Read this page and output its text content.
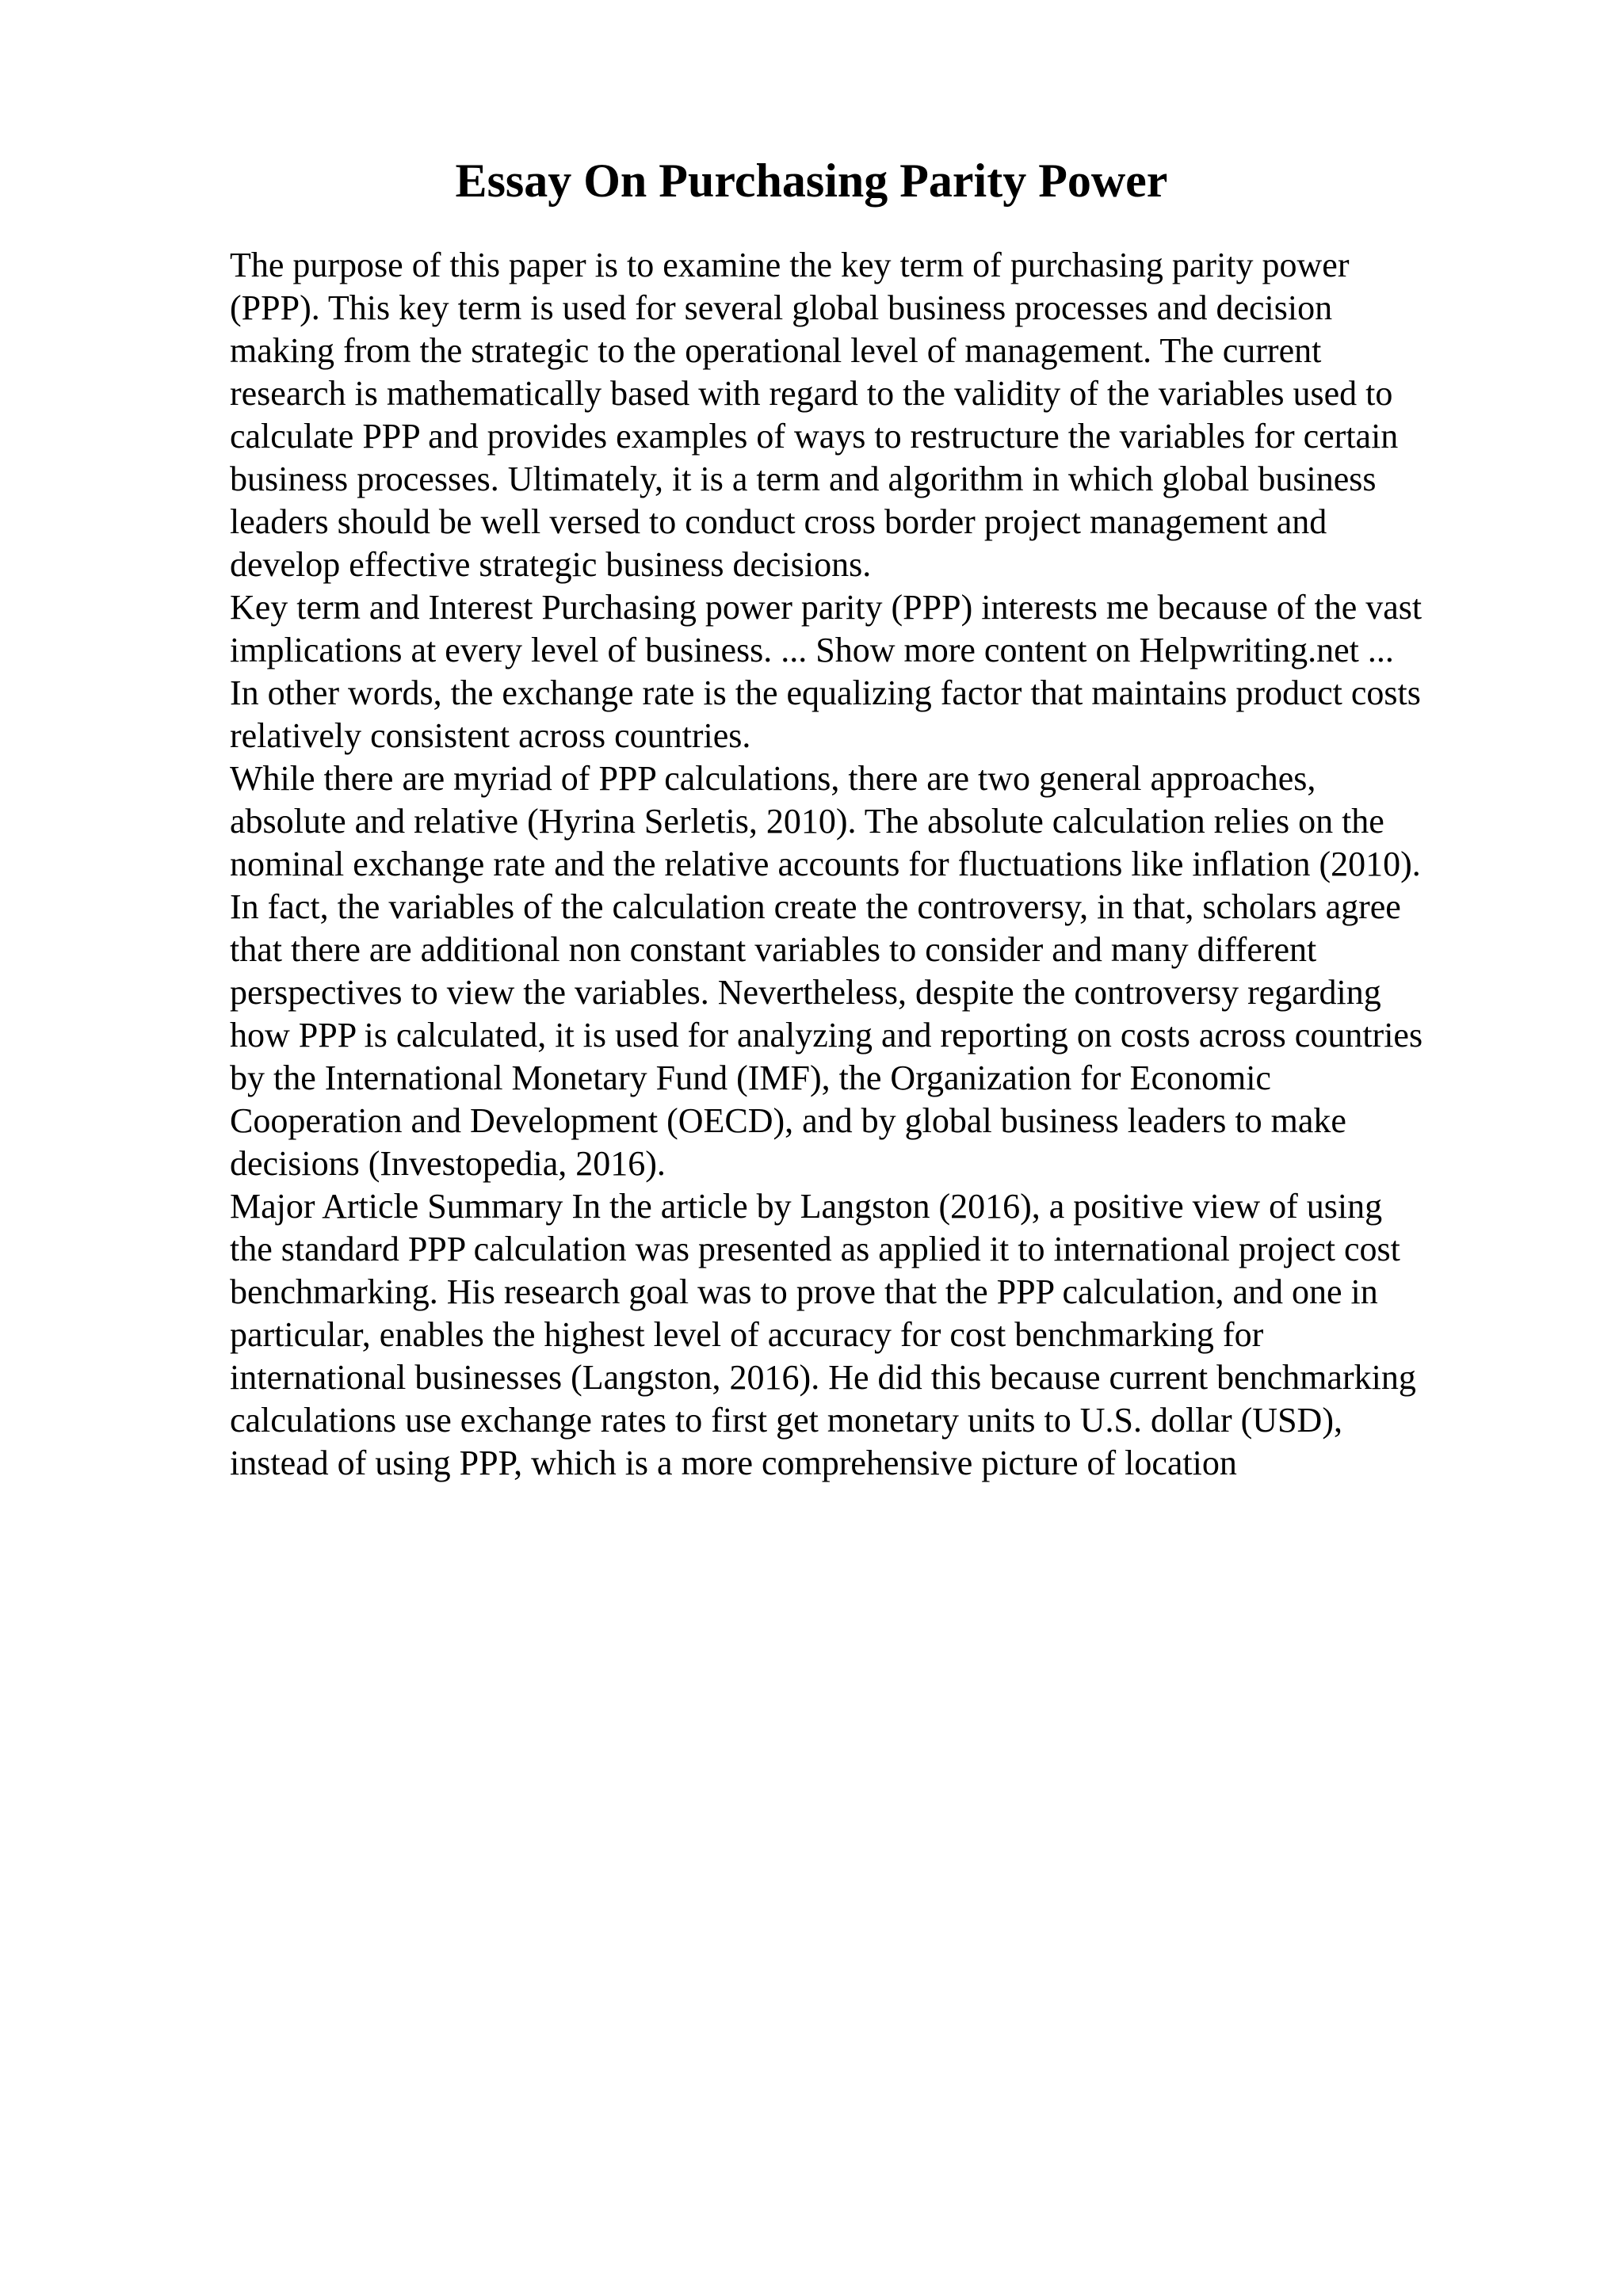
Essay On Purchasing Parity Power

The purpose of this paper is to examine the key term of purchasing parity power
(PPP). This key term is used for several global business processes and decision
making from the strategic to the operational level of management. The current
research is mathematically based with regard to the validity of the variables used to
calculate PPP and provides examples of ways to restructure the variables for certain
business processes. Ultimately, it is a term and algorithm in which global business
leaders should be well versed to conduct cross border project management and
develop effective strategic business decisions.

Key term and Interest Purchasing power parity (PPP) interests me because of the vast
implications at every level of business. ... Show more content on Helpwriting.net ...
In other words, the exchange rate is the equalizing factor that maintains product costs
relatively consistent across countries.

While there are myriad of PPP calculations, there are two general approaches,
absolute and relative (Hyrina Serletis, 2010). The absolute calculation relies on the
nominal exchange rate and the relative accounts for fluctuations like inflation (2010).
In fact, the variables of the calculation create the controversy, in that, scholars agree
that there are additional non constant variables to consider and many different
perspectives to view the variables. Nevertheless, despite the controversy regarding
how PPP is calculated, it is used for analyzing and reporting on costs across countries
by the International Monetary Fund (IMF), the Organization for Economic
Cooperation and Development (OECD), and by global business leaders to make
decisions (Investopedia, 2016).

Major Article Summary In the article by Langston (2016), a positive view of using
the standard PPP calculation was presented as applied it to international project cost
benchmarking. His research goal was to prove that the PPP calculation, and one in
particular, enables the highest level of accuracy for cost benchmarking for
international businesses (Langston, 2016). He did this because current benchmarking
calculations use exchange rates to first get monetary units to U.S. dollar (USD),
instead of using PPP, which is a more comprehensive picture of location
